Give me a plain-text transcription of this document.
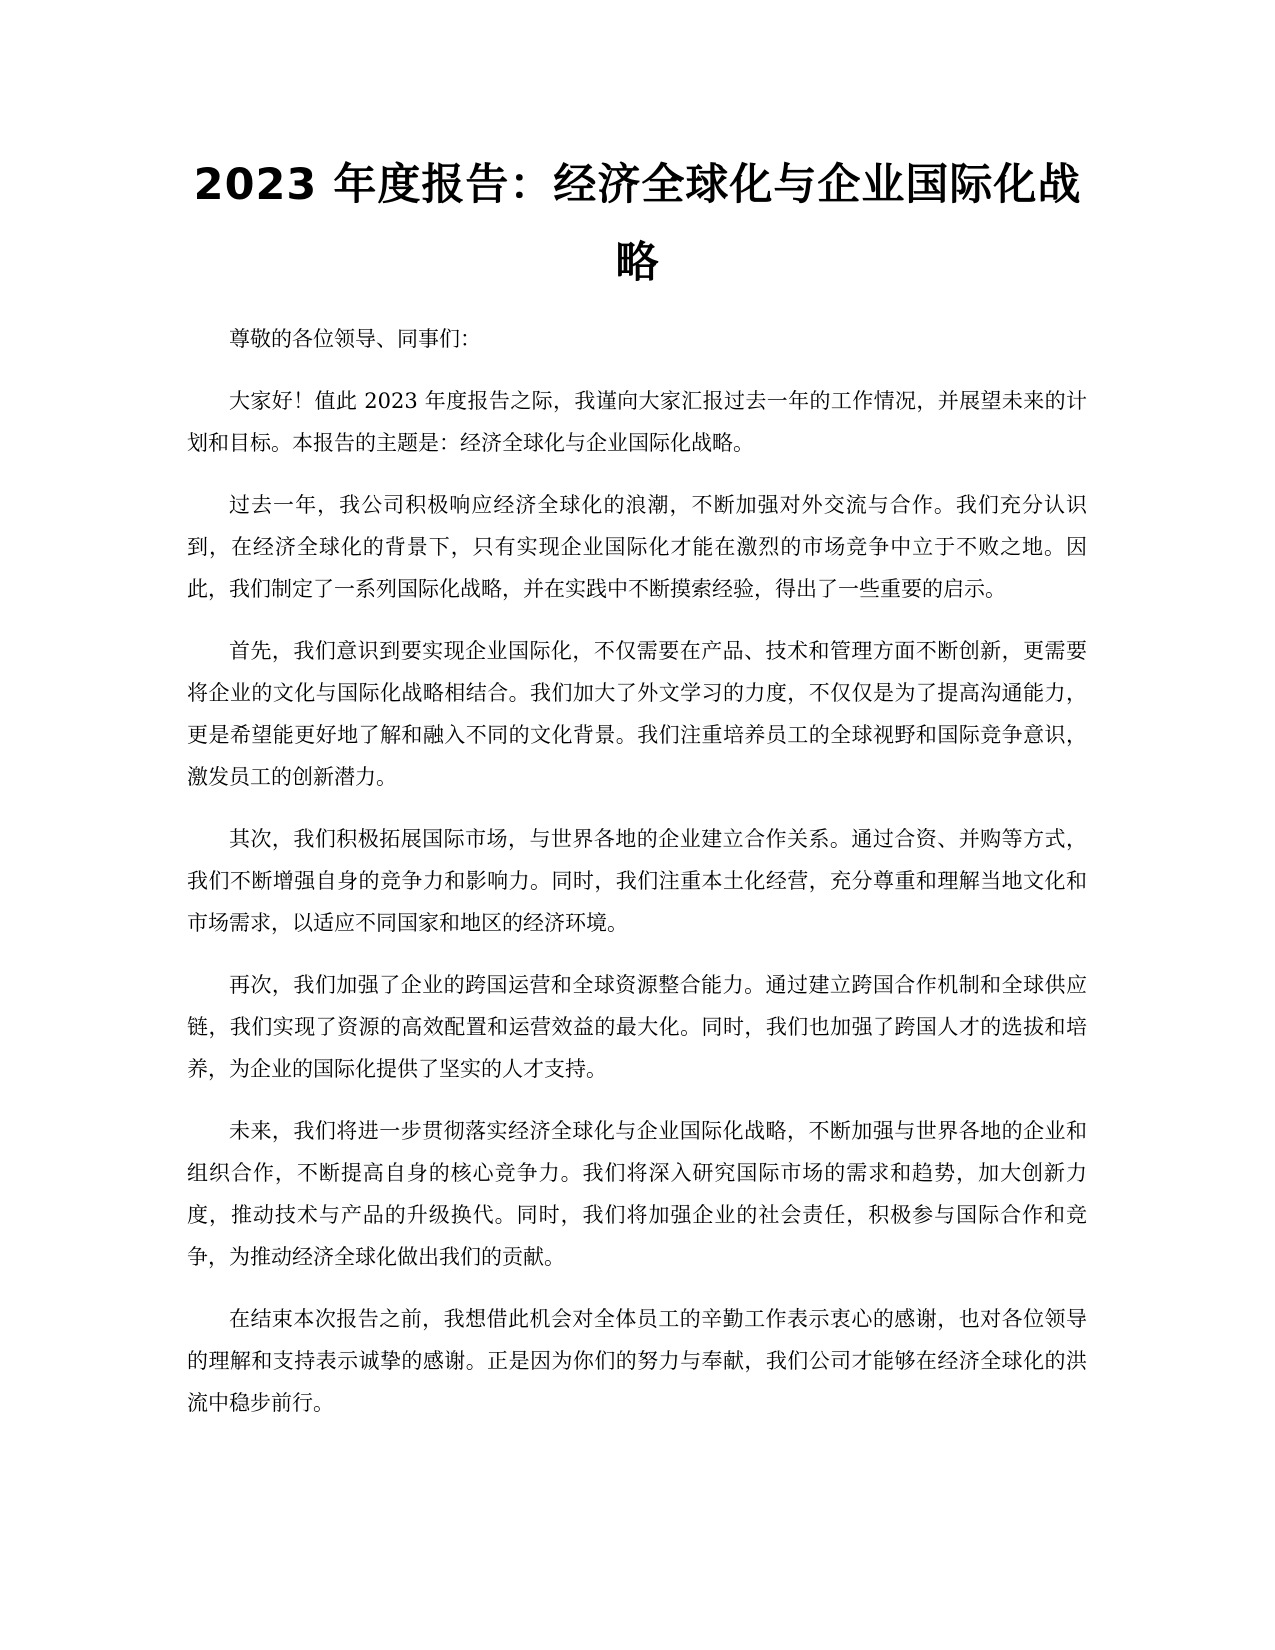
2023 年度报告：经济全球化与企业国际化战略

尊敬的各位领导、同事们：

大家好！值此 2023 年度报告之际，我谨向大家汇报过去一年的工作情况，并展望未来的计划和目标。本报告的主题是：经济全球化与企业国际化战略。

过去一年，我公司积极响应经济全球化的浪潮，不断加强对外交流与合作。我们充分认识到，在经济全球化的背景下，只有实现企业国际化才能在激烈的市场竞争中立于不败之地。因此，我们制定了一系列国际化战略，并在实践中不断摸索经验，得出了一些重要的启示。

首先，我们意识到要实现企业国际化，不仅需要在产品、技术和管理方面不断创新，更需要将企业的文化与国际化战略相结合。我们加大了外文学习的力度，不仅仅是为了提高沟通能力，更是希望能更好地了解和融入不同的文化背景。我们注重培养员工的全球视野和国际竞争意识，激发员工的创新潜力。

其次，我们积极拓展国际市场，与世界各地的企业建立合作关系。通过合资、并购等方式，我们不断增强自身的竞争力和影响力。同时，我们注重本土化经营，充分尊重和理解当地文化和市场需求，以适应不同国家和地区的经济环境。

再次，我们加强了企业的跨国运营和全球资源整合能力。通过建立跨国合作机制和全球供应链，我们实现了资源的高效配置和运营效益的最大化。同时，我们也加强了跨国人才的选拔和培养，为企业的国际化提供了坚实的人才支持。

未来，我们将进一步贯彻落实经济全球化与企业国际化战略，不断加强与世界各地的企业和组织合作，不断提高自身的核心竞争力。我们将深入研究国际市场的需求和趋势，加大创新力度，推动技术与产品的升级换代。同时，我们将加强企业的社会责任，积极参与国际合作和竞争，为推动经济全球化做出我们的贡献。

在结束本次报告之前，我想借此机会对全体员工的辛勤工作表示衷心的感谢，也对各位领导的理解和支持表示诚挚的感谢。正是因为你们的努力与奉献，我们公司才能够在经济全球化的洪流中稳步前行。
